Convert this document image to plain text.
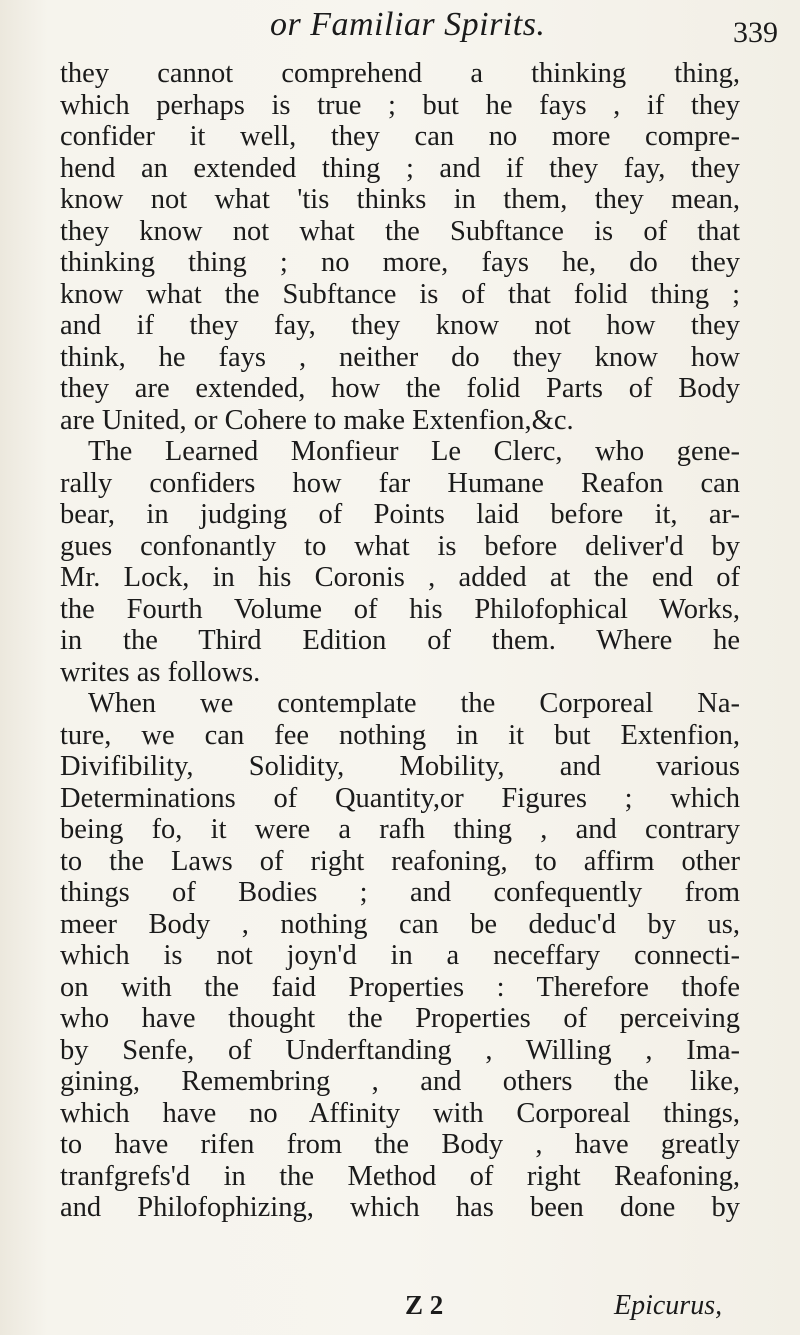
or Familiar Spirits.	339
they cannot comprehend a thinking thing,
which perhaps is true ; but he fays , if they
confider it well, they can no more compre-
hend an extended thing ; and if they fay, they
know not what 'tis thinks in them, they mean,
they know not what the Subftance is of that
thinking thing ; no more, fays he, do they
know what the Subftance is of that folid thing ;
and if they fay, they know not how they
think, he fays , neither do they know how
they are extended, how the folid Parts of Body
are United, or Cohere to make Extenfion,&c.
The Learned Monfieur Le Clerc, who gene-
rally confiders how far Humane Reafon can
bear, in judging of Points laid before it, ar-
gues confonantly to what is before deliver'd by
Mr. Lock, in his Coronis , added at the end of
the Fourth Volume of his Philofophical Works,
in the Third Edition of them. Where he
writes as follows.
When we contemplate the Corporeal Na-
ture, we can fee nothing in it but Extenfion,
Divifibility, Solidity, Mobility, and various
Determinations of Quantity,or Figures ; which
being fo, it were a rafh thing , and contrary
to the Laws of right reafoning, to affirm other
things of Bodies ; and confequently from
meer Body , nothing can be deduc'd by us,
which is not joyn'd in a neceffary connecti-
on with the faid Properties : Therefore thofe
who have thought the Properties of perceiving
by Senfe, of Underftanding , Willing , Ima-
gining, Remembring , and others the like,
which have no Affinity with Corporeal things,
to have rifen from the Body , have greatly
tranfgrefs'd in the Method of right Reafoning,
and Philofophizing, which has been done by
Z 2	Epicurus,
